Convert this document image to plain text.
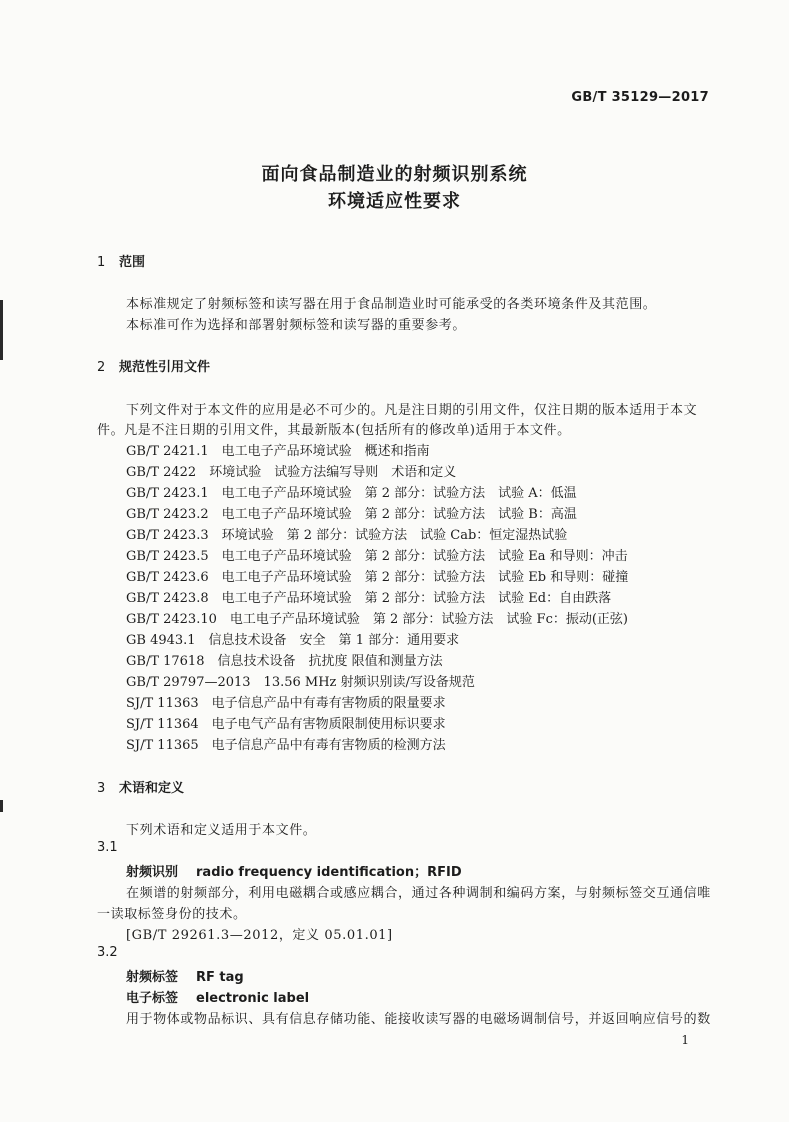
GB/T 35129—2017
面向食品制造业的射频识别系统
环境适应性要求
1 范围
本标准规定了射频标签和读写器在用于食品制造业时可能承受的各类环境条件及其范围。
本标准可作为选择和部署射频标签和读写器的重要参考。
2 规范性引用文件
下列文件对于本文件的应用是必不可少的。凡是注日期的引用文件，仅注日期的版本适用于本文
件。凡是不注日期的引用文件，其最新版本(包括所有的修改单)适用于本文件。
GB/T 2421.1　电工电子产品环境试验　概述和指南
GB/T 2422　环境试验　试验方法编写导则　术语和定义
GB/T 2423.1　电工电子产品环境试验　第 2 部分：试验方法　试验 A：低温
GB/T 2423.2　电工电子产品环境试验　第 2 部分：试验方法　试验 B：高温
GB/T 2423.3　环境试验　第 2 部分：试验方法　试验 Cab：恒定湿热试验
GB/T 2423.5　电工电子产品环境试验　第 2 部分：试验方法　试验 Ea 和导则：冲击
GB/T 2423.6　电工电子产品环境试验　第 2 部分：试验方法　试验 Eb 和导则：碰撞
GB/T 2423.8　电工电子产品环境试验　第 2 部分：试验方法　试验 Ed：自由跌落
GB/T 2423.10　电工电子产品环境试验　第 2 部分：试验方法　试验 Fc：振动(正弦)
GB 4943.1　信息技术设备　安全　第 1 部分：通用要求
GB/T 17618　信息技术设备　抗扰度 限值和测量方法
GB/T 29797—2013　13.56 MHz 射频识别读/写设备规范
SJ/T 11363　电子信息产品中有毒有害物质的限量要求
SJ/T 11364　电子电气产品有害物质限制使用标识要求
SJ/T 11365　电子信息产品中有毒有害物质的检测方法
3 术语和定义
下列术语和定义适用于本文件。
3.1
射频识别 radio frequency identification；RFID
在频谱的射频部分，利用电磁耦合或感应耦合，通过各种调制和编码方案，与射频标签交互通信唯
一读取标签身份的技术。
[GB/T 29261.3—2012，定义 05.01.01]
3.2
射频标签 RF tag
电子标签 electronic label
用于物体或物品标识、具有信息存储功能、能接收读写器的电磁场调制信号，并返回响应信号的数
1
